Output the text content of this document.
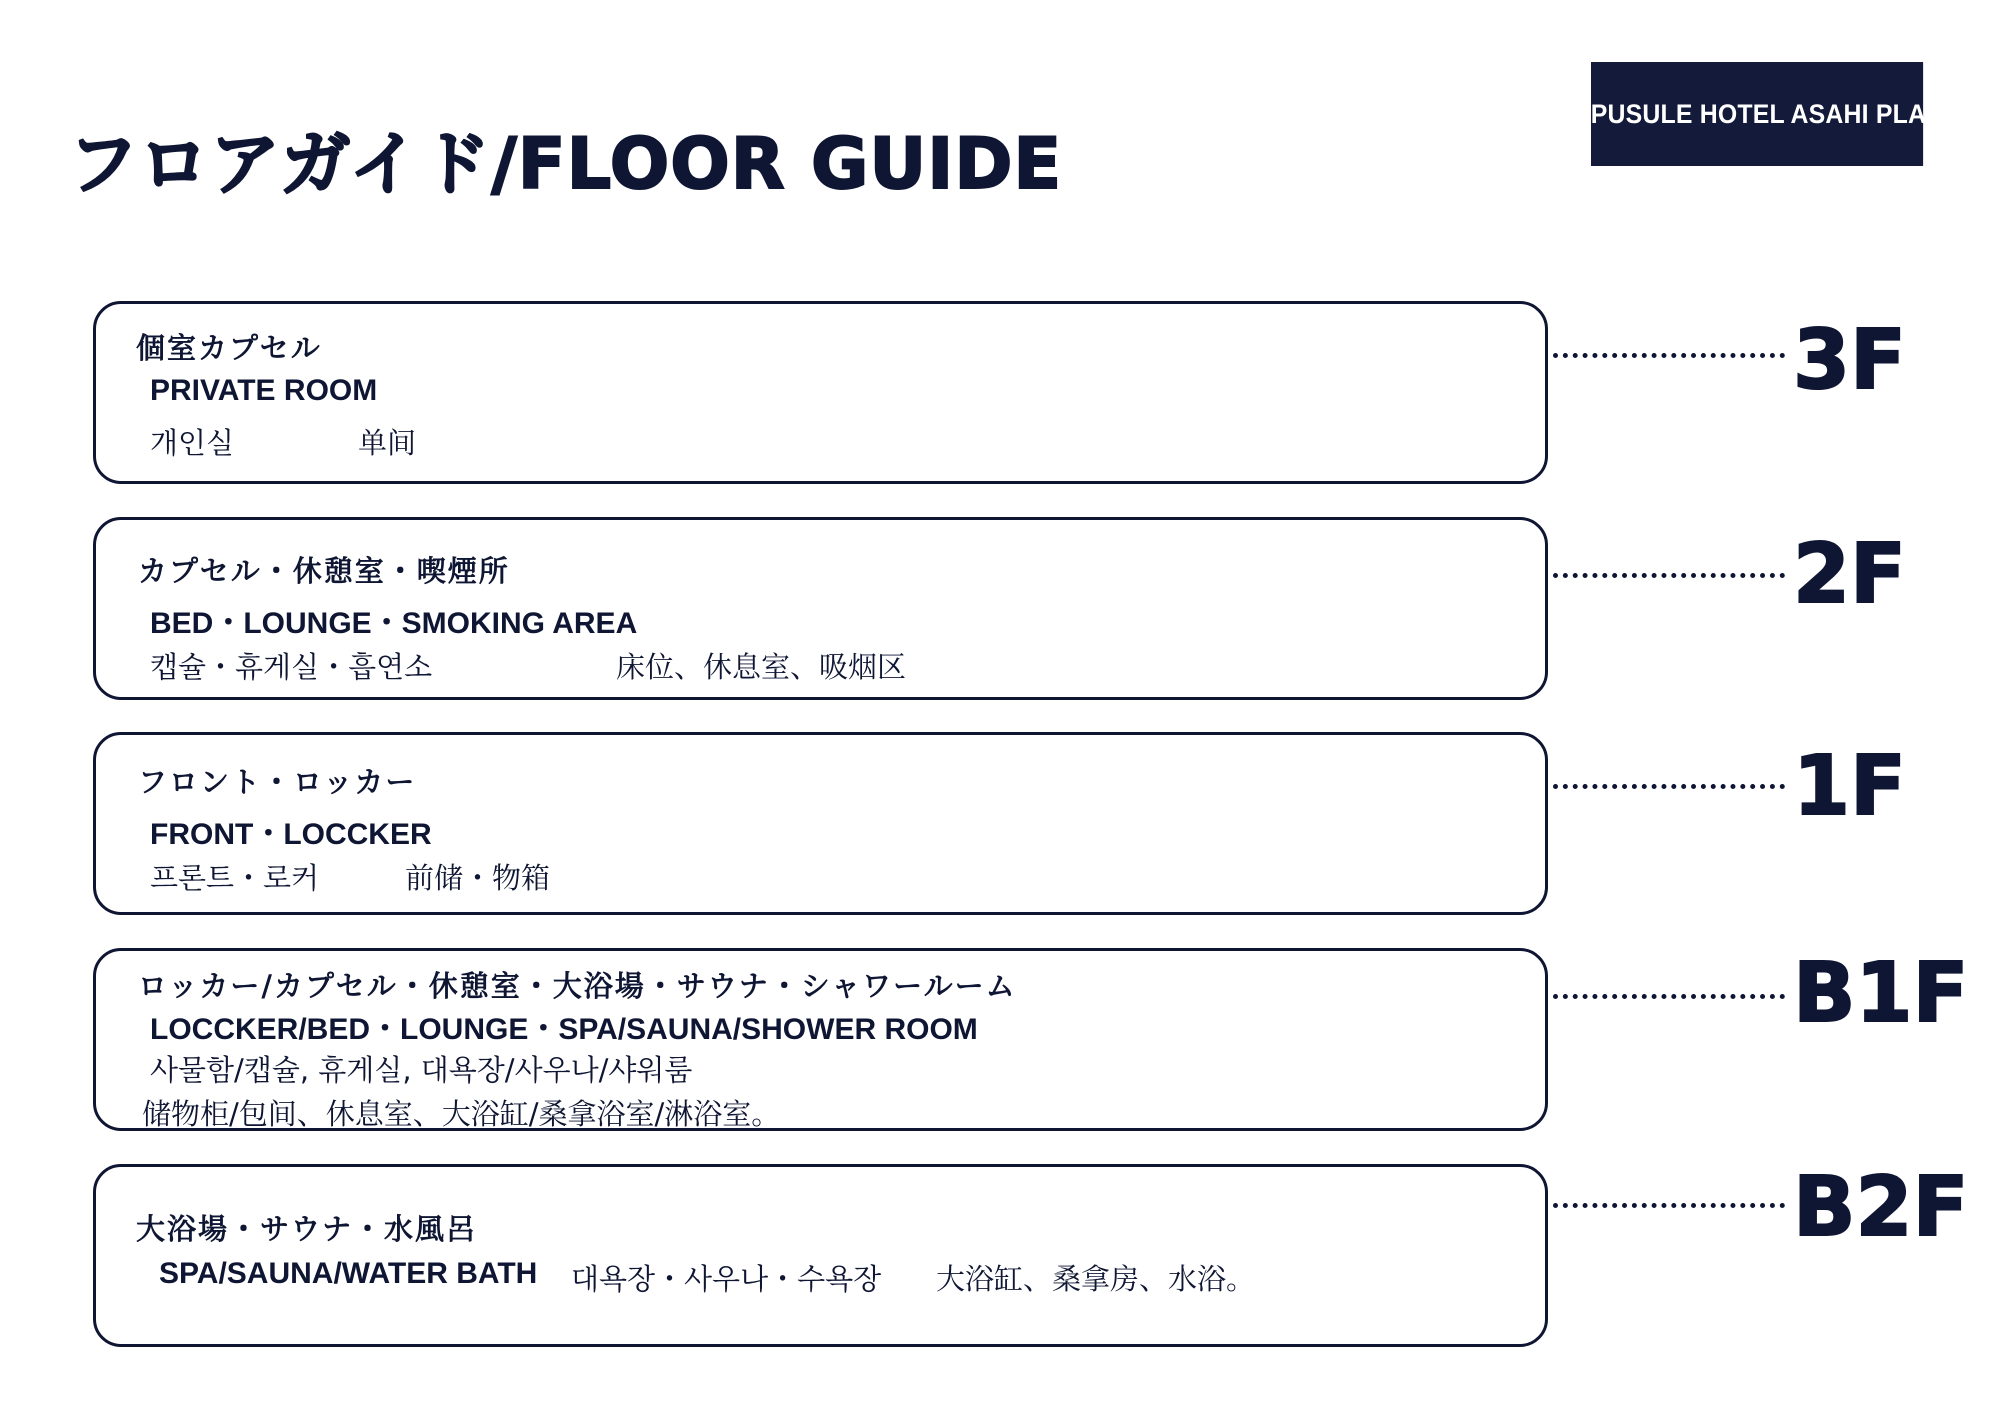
フロアガイド/FLOOR GUIDE
CAPUSULE HOTEL ASAHI PLAZA
個室カプセル
PRIVATE ROOM
개인실	单间
3F
カプセル・休憩室・喫煙所
BED・LOUNGE・SMOKING AREA
캡슐・휴게실・흡연소	床位、休息室、吸烟区
2F
フロント・ロッカー
FRONT・LOCCKER
프론트・로커	前储・物箱
1F
ロッカー/カプセル・休憩室・大浴場・サウナ・シャワールーム
LOCCKER/BED・LOUNGE・SPA/SAUNA/SHOWER ROOM
사물함/캡슐, 휴게실, 대욕장/사우나/샤워룸
储物柜/包间、休息室、大浴缸/桑拿浴室/淋浴室。
B1F
大浴場・サウナ・水風呂
SPA/SAUNA/WATER BATH 대욕장・사우나・수욕장 大浴缸、桑拿房、水浴。
B2F
